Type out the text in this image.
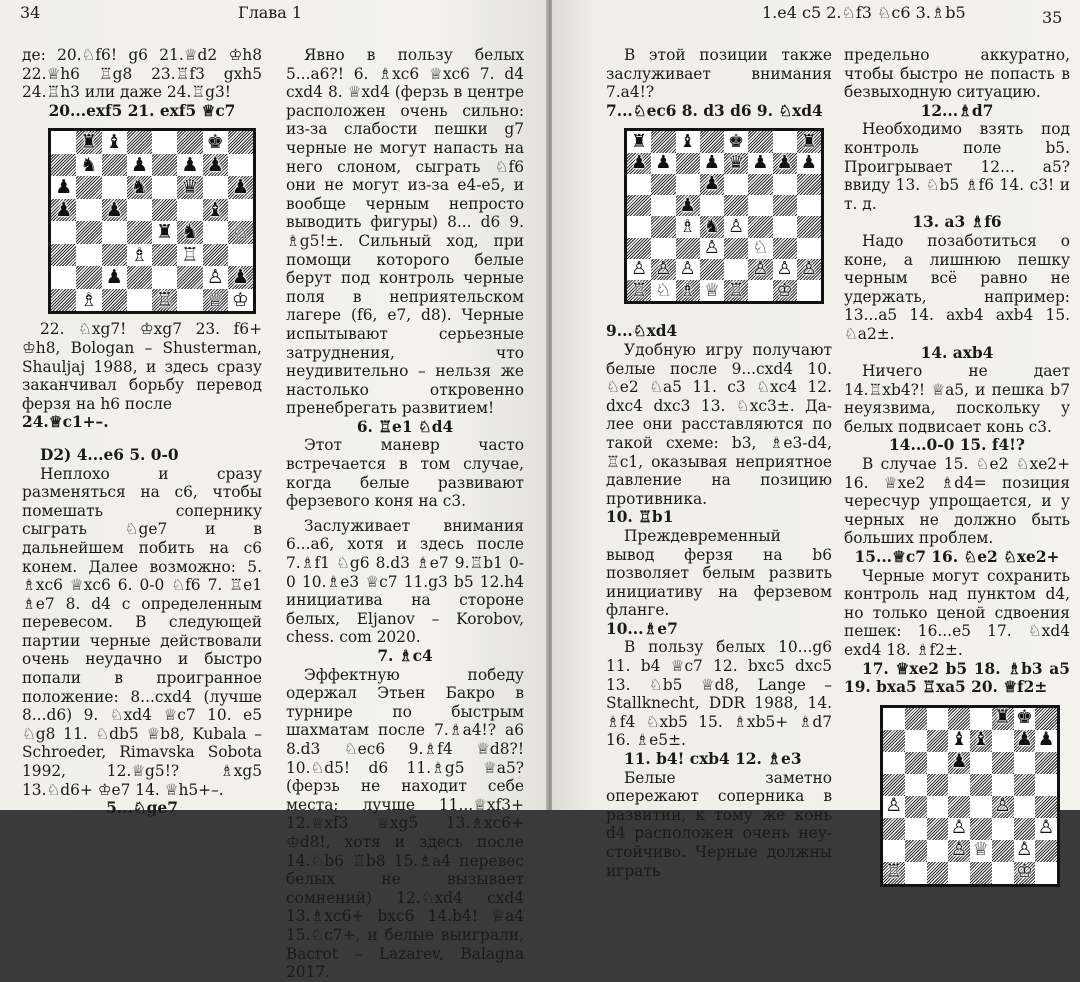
34	Глава 1

де: 20.♘f6! g6 21.♕d2 ♔h8 22.♕h6 ♖g8 23.♖f3 gxh5 24.♖h3 или даже 24.♖g3!

20...exf5 21. exf5 ♕c7

♜ ♝	♚
♞ ♟ ♟ ♟
♟	♞ ♛ ♟
♟ ♟	♝
♜ ♞ ♘
♗ ♖
♟	♙ ♟
♗	♖ ♕ ♔

22. ♘xg7! ♔xg7 23. f6+ ♔h8, Bologan – Shusterman, Shauljaj 1988, и здесь сразу заканчивал борьбу перевод ферзя на h6 после

24.♕c1+–.

D2) 4...e6 5. 0-0

Неплохо и сразу разменяться на c6, чтобы помешать сопернику сыграть ♘ge7 и в дальнейшем побить на c6 конем. Далее возможно: 5. ♗xc6 ♕xc6 6. 0-0 ♘f6 7. ♖e1 ♗e7 8. d4 с определенным перевесом. В следующей партии черные действовали очень неудачно и быстро попали в проигранное положение: 8...cxd4 (лучше 8...d6) 9. ♘xd4 ♕c7 10. e5 ♘g8 11. ♘db5 ♕b8, Kubala – Schroeder, Rimavska Sobota 1992, 12.♕g5!? ♗xg5 13.♘d6+ ♔e7 14. ♕h5+–.

5...♘ge7

Явно в пользу белых 5...a6?! 6. ♗xc6 ♕xc6 7. d4 cxd4 8. ♕xd4 (ферзь в центре расположен очень сильно: из-за слабости пешки g7 черные не могут напасть на него слоном, сыграть ♘f6 они не могут из-за e4-e5, и вообще черным непросто выводить фигуры) 8... d6 9. ♗g5!±. Сильный ход, при помощи которого белые берут под контроль черные поля в неприятельском лагере (f6, e7, d8). Черные испытывают серьезные затруднения, что неудивительно – нельзя же настолько откровенно пренебрегать развитием!

6. ♖e1 ♘d4

Этот маневр часто встречается в том случае, когда белые развивают ферзевого коня на c3.

Заслуживает внимания 6...a6, хотя и здесь после 7.♗f1 ♘g6 8.d3 ♗e7 9.♖b1 0-0 10.♗e3 ♕c7 11.g3 b5 12.h4 инициатива на стороне белых, Eljanov – Korobov, chess. com 2020.

7. ♗c4

Эффектную победу одержал Этьен Бакро в турнире по быстрым шахматам после 7.♗a4!? a6 8.d3 ♘ec6 9.♗f4 ♕d8?! 10.♘d5! d6 11.♗g5 ♕a5? (ферзь не находит себе места; лучше 11...♕xf3+ 12.♕xf3 ♕xg5 13.♗xc6+ ♔d8!, хотя и здесь после 14.♘b6 ♖b8 15.♗a4 перевес белых не вызывает сомнений) 12.♘xd4 cxd4 13.♗xc6+ bxc6 14.b4! ♕a4 15.♘c7+, и белые выиграли, Bacrot – Lazarev, Balagna 2017.

1.e4 c5 2.♘f3 ♘c6 3.♗b5	35

В этой позиции также заслуживает внимания 7.a4!?

7...♘ec6 8. d3 d6 9. ♘xd4

♜ ♝ ♚	♜
♟ ♟ ♟ ♛ ♟ ♟ ♟
♟
♟
♗ ♞ ♙
♙ ♘
♙ ♙ ♙	♙ ♙ ♙
♖ ♘ ♗ ♕ ♖ ♔

9...♘xd4

Удобную игру получают белые после 9...cxd4 10. ♘e2 ♘a5 11. c3 ♘xc4 12. dxc4 dxc3 13. ♘xc3±. Далее они расставляются по такой схеме: b3, ♗e3-d4, ♖c1, оказывая неприятное давление на позицию противника.

10. ♖b1

Преждевременный вывод ферзя на b6 позволяет белым развить инициативу на ферзевом фланге.

10...♗e7

В пользу белых 10...g6 11. b4 ♕c7 12. bxc5 dxc5 13. ♘b5 ♕d8, Lange – Stallknecht, DDR 1988, 14. ♗f4 ♘xb5 15. ♗xb5+ ♗d7 16. ♗e5±.

11. b4! cxb4 12. ♗e3

Белые заметно опережают соперника в развитии, к тому же конь d4 расположен очень неустойчиво. Черные должны играть

предельно аккуратно, чтобы быстро не попасть в безвыходную ситуацию.

12...♗d7

Необходимо взять под контроль поле b5. Проигрывает 12... a5? ввиду 13. ♘b5 ♗f6 14. c3! и т. д.

13. a3 ♗f6

Надо позаботиться о коне, а лишнюю пешку черным всё равно не удержать, например: 13...a5 14. axb4 axb4 15. ♘a2±.

14. axb4

Ничего не дает 14.♖xb4?! ♕a5, и пешка b7 неуязвима, поскольку у белых подвисает конь c3.

14...0-0 15. f4!?

В случае 15. ♘e2 ♘xe2+ 16. ♕xe2 ♗d4= позиция чересчур упрощается, и у черных не должно быть больших проблем.

15...♕c7 16. ♘e2 ♘xe2+

Черные могут сохранить контроль над пунктом d4, но только ценой сдвоения пешек: 16...e5 17. ♘xd4 exd4 18. ♗f2±.

17. ♕xe2 b5 18. ♗b3 a5 19. bxa5 ♖xa5 20. ♕f2±

♜ ♚
♝ ♝ ♟ ♟
♟
♙	♙
♙	♙
♙ ♕ ♙
♖	♔
